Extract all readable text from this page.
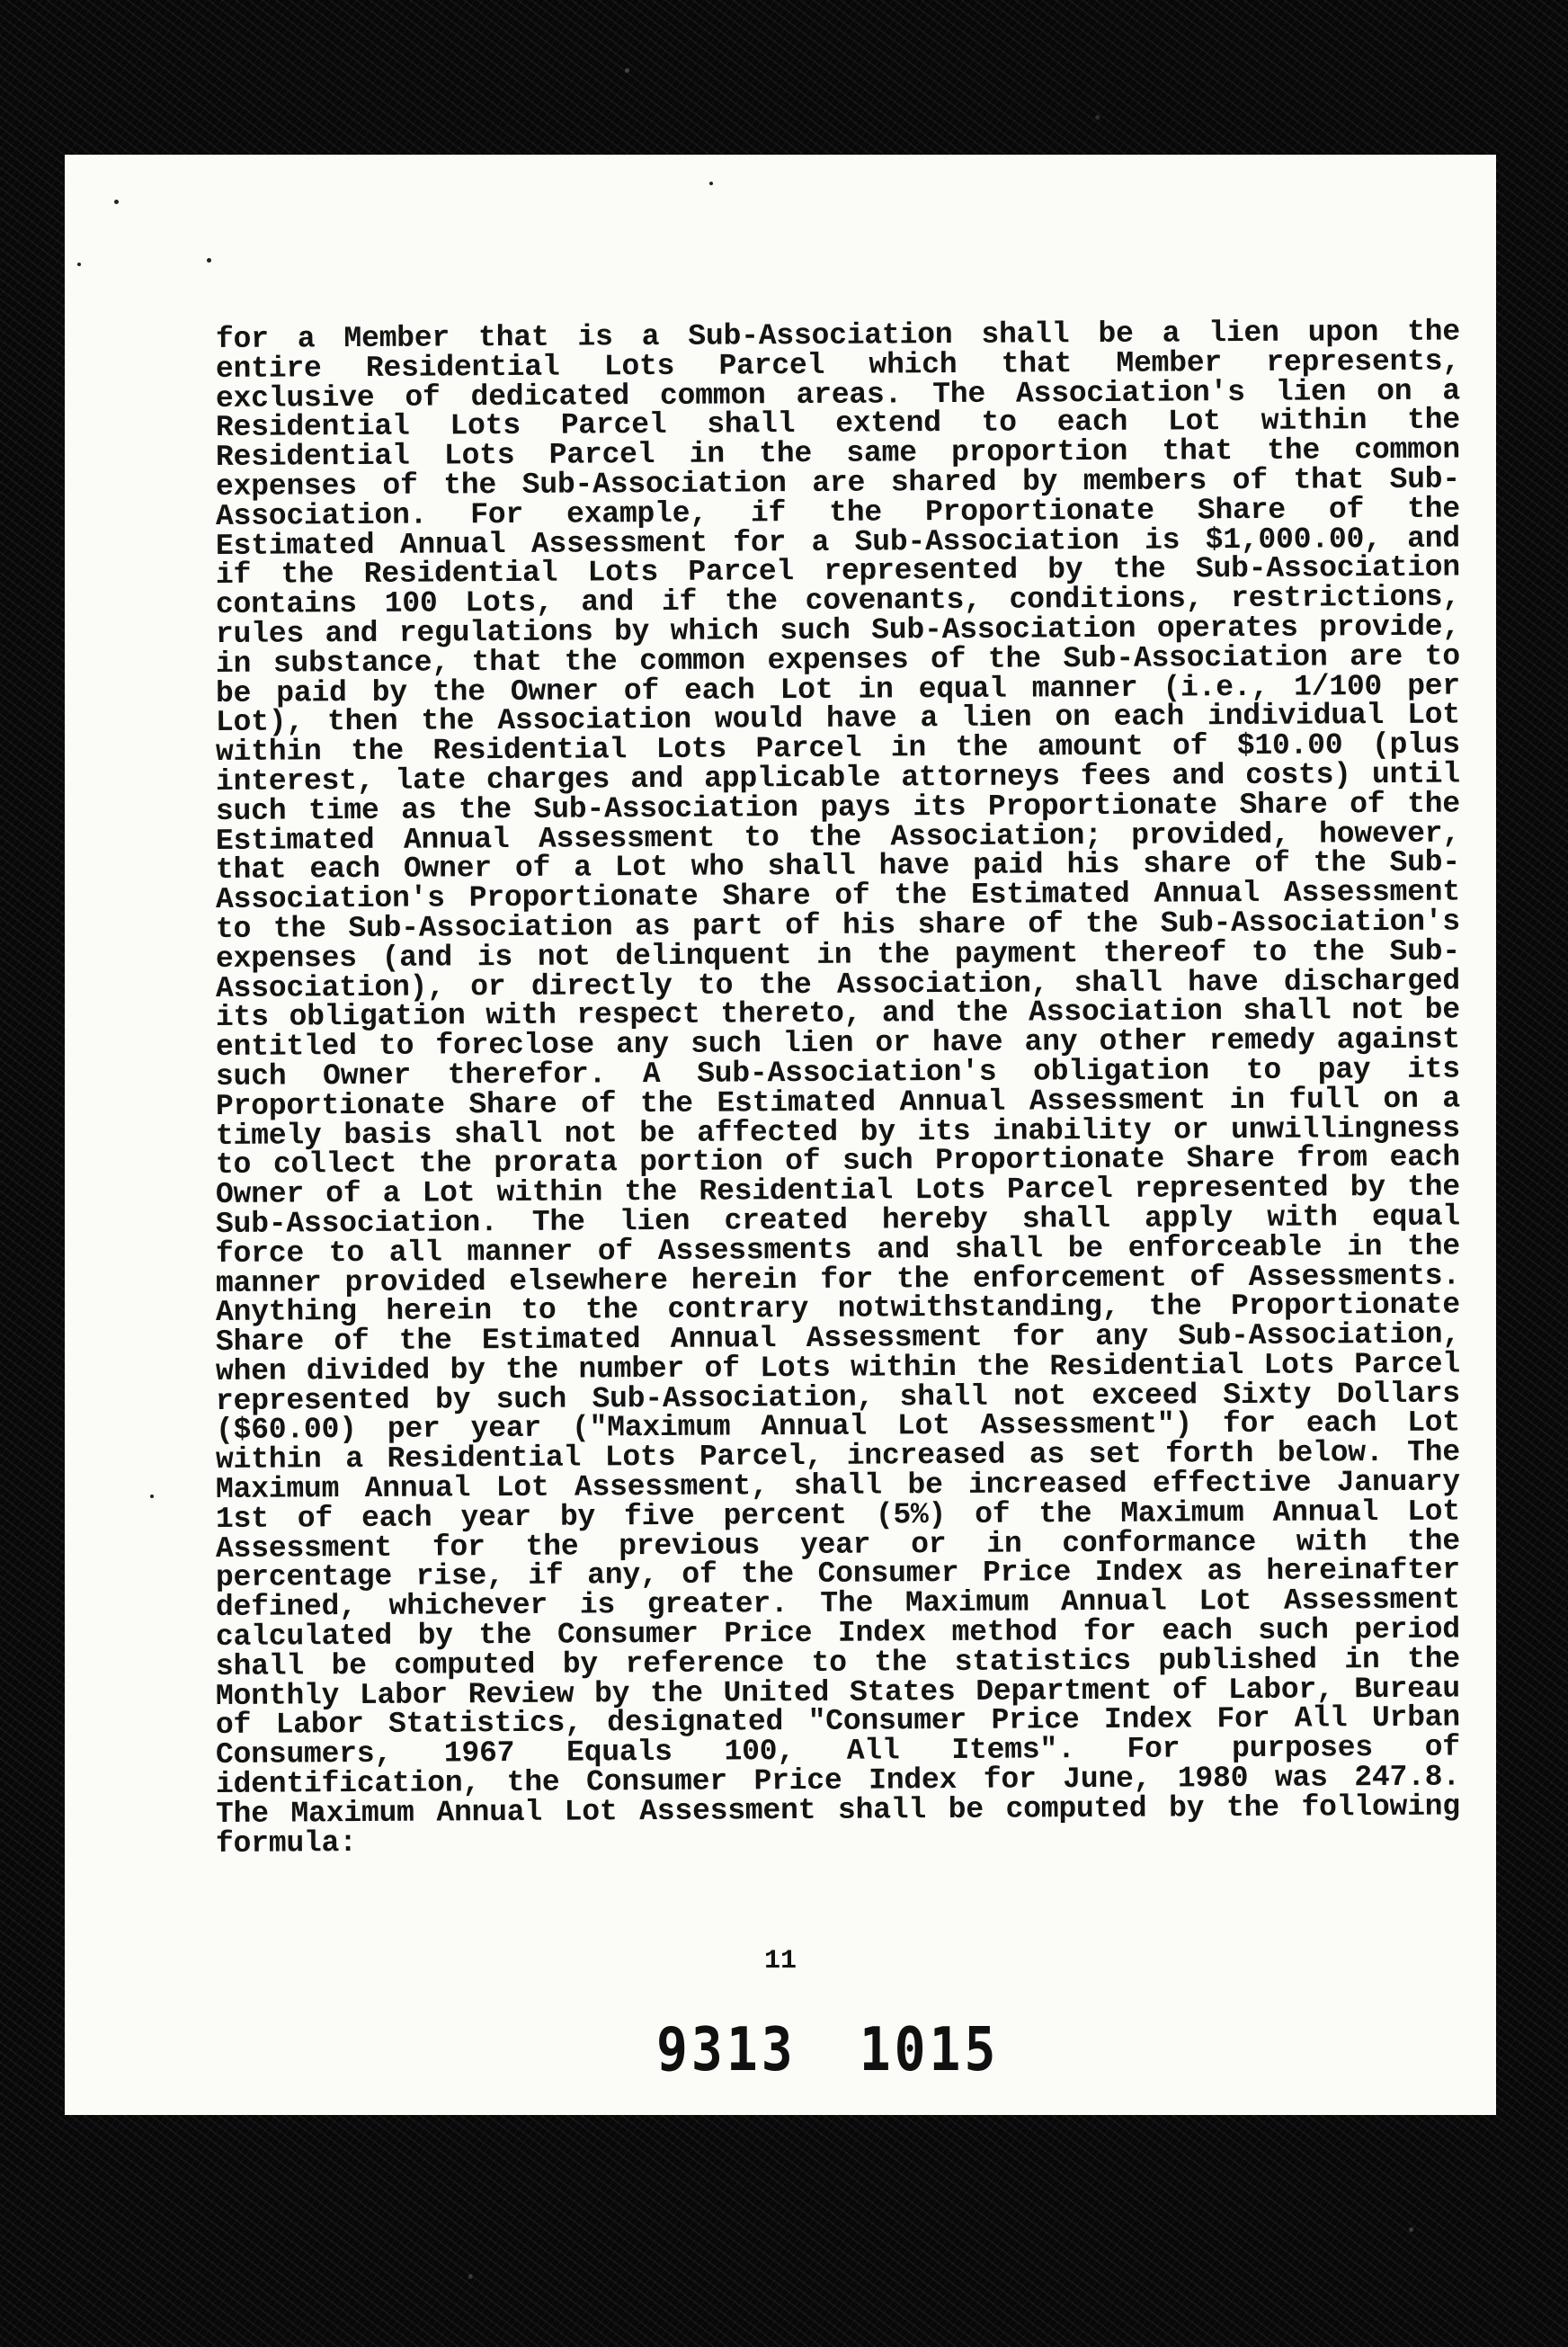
for a Member that is a Sub-Association shall be a lien upon the
entire Residential Lots Parcel which that Member represents,
exclusive of dedicated common areas. The Association's lien on a
Residential Lots Parcel shall extend to each Lot within the
Residential Lots Parcel in the same proportion that the common
expenses of the Sub-Association are shared by members of that Sub-
Association. For example, if the Proportionate Share of the
Estimated Annual Assessment for a Sub-Association is $1,000.00, and
if the Residential Lots Parcel represented by the Sub-Association
contains 100 Lots, and if the covenants, conditions, restrictions,
rules and regulations by which such Sub-Association operates provide,
in substance, that the common expenses of the Sub-Association are to
be paid by the Owner of each Lot in equal manner (i.e., 1/100 per
Lot), then the Association would have a lien on each individual Lot
within the Residential Lots Parcel in the amount of $10.00 (plus
interest, late charges and applicable attorneys fees and costs) until
such time as the Sub-Association pays its Proportionate Share of the
Estimated Annual Assessment to the Association; provided, however,
that each Owner of a Lot who shall have paid his share of the Sub-
Association's Proportionate Share of the Estimated Annual Assessment
to the Sub-Association as part of his share of the Sub-Association's
expenses (and is not delinquent in the payment thereof to the Sub-
Association), or directly to the Association, shall have discharged
its obligation with respect thereto, and the Association shall not be
entitled to foreclose any such lien or have any other remedy against
such Owner therefor. A Sub-Association's obligation to pay its
Proportionate Share of the Estimated Annual Assessment in full on a
timely basis shall not be affected by its inability or unwillingness
to collect the prorata portion of such Proportionate Share from each
Owner of a Lot within the Residential Lots Parcel represented by the
Sub-Association. The lien created hereby shall apply with equal
force to all manner of Assessments and shall be enforceable in the
manner provided elsewhere herein for the enforcement of Assessments.
Anything herein to the contrary notwithstanding, the Proportionate
Share of the Estimated Annual Assessment for any Sub-Association,
when divided by the number of Lots within the Residential Lots Parcel
represented by such Sub-Association, shall not exceed Sixty Dollars
($60.00) per year ("Maximum Annual Lot Assessment") for each Lot
within a Residential Lots Parcel, increased as set forth below. The
Maximum Annual Lot Assessment, shall be increased effective January
1st of each year by five percent (5%) of the Maximum Annual Lot
Assessment for the previous year or in conformance with the
percentage rise, if any, of the Consumer Price Index as hereinafter
defined, whichever is greater. The Maximum Annual Lot Assessment
calculated by the Consumer Price Index method for each such period
shall be computed by reference to the statistics published in the
Monthly Labor Review by the United States Department of Labor, Bureau
of Labor Statistics, designated "Consumer Price Index For All Urban
Consumers, 1967 Equals 100, All Items". For purposes of
identification, the Consumer Price Index for June, 1980 was 247.8.
The Maximum Annual Lot Assessment shall be computed by the following
formula:
11
9313 1015
